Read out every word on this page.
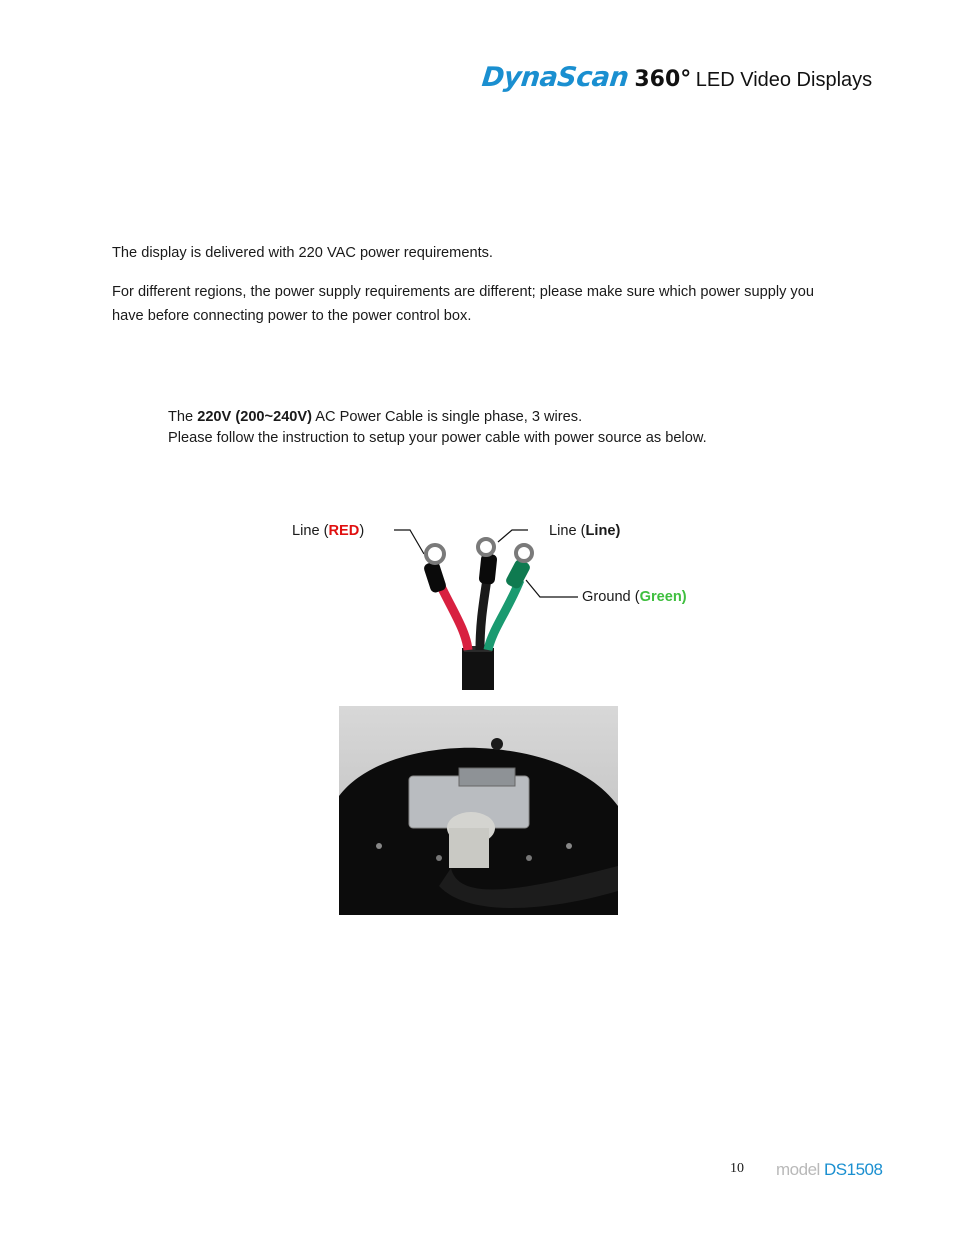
DynaScan 360° LED Video Displays
The display is delivered with 220 VAC power requirements.
For different regions, the power supply requirements are different; please make sure which power supply you have before connecting power to the power control box.
The 220V (200~240V) AC Power Cable is single phase, 3 wires.
Please follow the instruction to setup your power cable with power source as below.
Line (RED)	Line (Line)
Ground (Green)
10 model DS1508
